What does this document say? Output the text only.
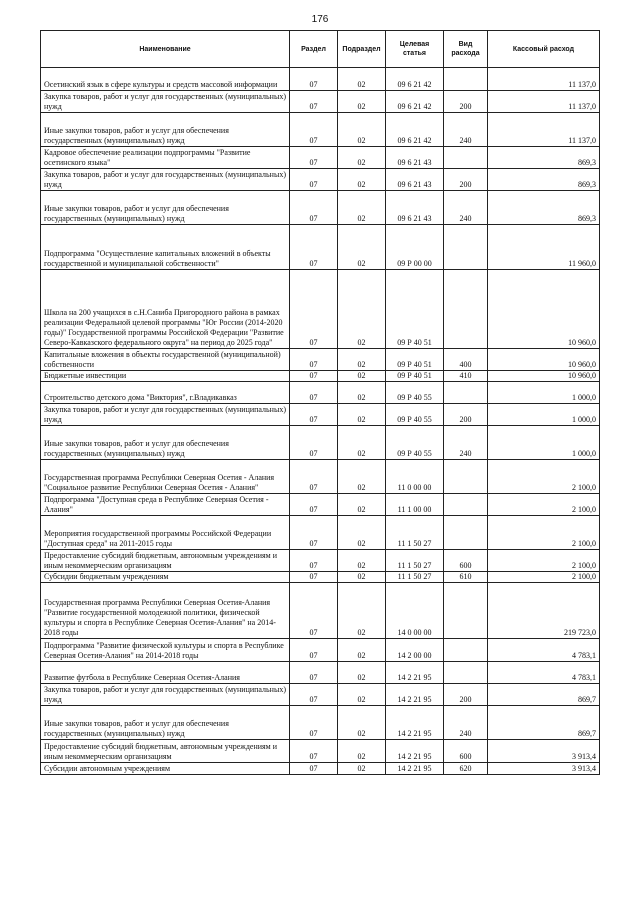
176
Наименование	Раздел	Подраздел	Целевая статья	Вид расхода	Кассовый расход
Осетинский язык в сфере культуры и средств массовой информации	07	02	09 6 21 42		11 137,0
Закупка товаров, работ и услуг для государственных (муниципальных) нужд	07	02	09 6 21 42	200	11 137,0
Иные закупки товаров, работ и услуг для обеспечения государственных (муниципальных) нужд	07	02	09 6 21 42	240	11 137,0
Кадровое обеспечение реализации подпрограммы "Развитие осетинского языка"	07	02	09 6 21 43		869,3
Закупка товаров, работ и услуг для государственных (муниципальных) нужд	07	02	09 6 21 43	200	869,3
Иные закупки товаров, работ и услуг для обеспечения государственных (муниципальных) нужд	07	02	09 6 21 43	240	869,3
Подпрограмма "Осуществление капитальных вложений в объекты государственной и муниципальной собственности"	07	02	09 Р 00 00		11 960,0
Школа на 200 учащихся в с.Н.Саниба Пригородного района в рамках реализации Федеральной целевой программы "Юг России (2014-2020 годы)" Государственной программы Российской Федерации "Развитие Северо-Кавказского федерального округа" на период до 2025 года"	07	02	09 Р 40 51		10 960,0
Капитальные вложения в объекты государственной (муниципальной) собственности	07	02	09 Р 40 51	400	10 960,0
Бюджетные инвестиции	07	02	09 Р 40 51	410	10 960,0
Строительство детского дома "Виктория", г.Владикавказ	07	02	09 Р 40 55		1 000,0
Закупка товаров, работ и услуг для государственных (муниципальных) нужд	07	02	09 Р 40 55	200	1 000,0
Иные закупки товаров, работ и услуг для обеспечения государственных (муниципальных) нужд	07	02	09 Р 40 55	240	1 000,0
Государственная программа Республики Северная Осетия - Алания "Социальное развитие Республики Северная Осетия - Алания"	07	02	11 0 00 00		2 100,0
Подпрограмма "Доступная среда в Республике Северная Осетия - Алания"	07	02	11 1 00 00		2 100,0
Мероприятия государственной программы Российской Федерации "Доступная среда" на 2011-2015 годы	07	02	11 1 50 27		2 100,0
Предоставление субсидий бюджетным, автономным учреждениям и иным некоммерческим организациям	07	02	11 1 50 27	600	2 100,0
Субсидии бюджетным учреждениям	07	02	11 1 50 27	610	2 100,0
Государственная программа Республики Северная Осетия-Алания "Развитие государственной молодежной политики, физической культуры и спорта в Республике Северная Осетия-Алания" на 2014-2018 годы	07	02	14 0 00 00		219 723,0
Подпрограмма "Развитие физической культуры и спорта в Республике Северная Осетия-Алания" на 2014-2018 годы	07	02	14 2 00 00		4 783,1
Развитие футбола в Республике Северная Осетия-Алания	07	02	14 2 21 95		4 783,1
Закупка товаров, работ и услуг для государственных (муниципальных) нужд	07	02	14 2 21 95	200	869,7
Иные закупки товаров, работ и услуг для обеспечения государственных (муниципальных) нужд	07	02	14 2 21 95	240	869,7
Предоставление субсидий бюджетным, автономным учреждениям и иным некоммерческим организациям	07	02	14 2 21 95	600	3 913,4
Субсидии автономным учреждениям	07	02	14 2 21 95	620	3 913,4
